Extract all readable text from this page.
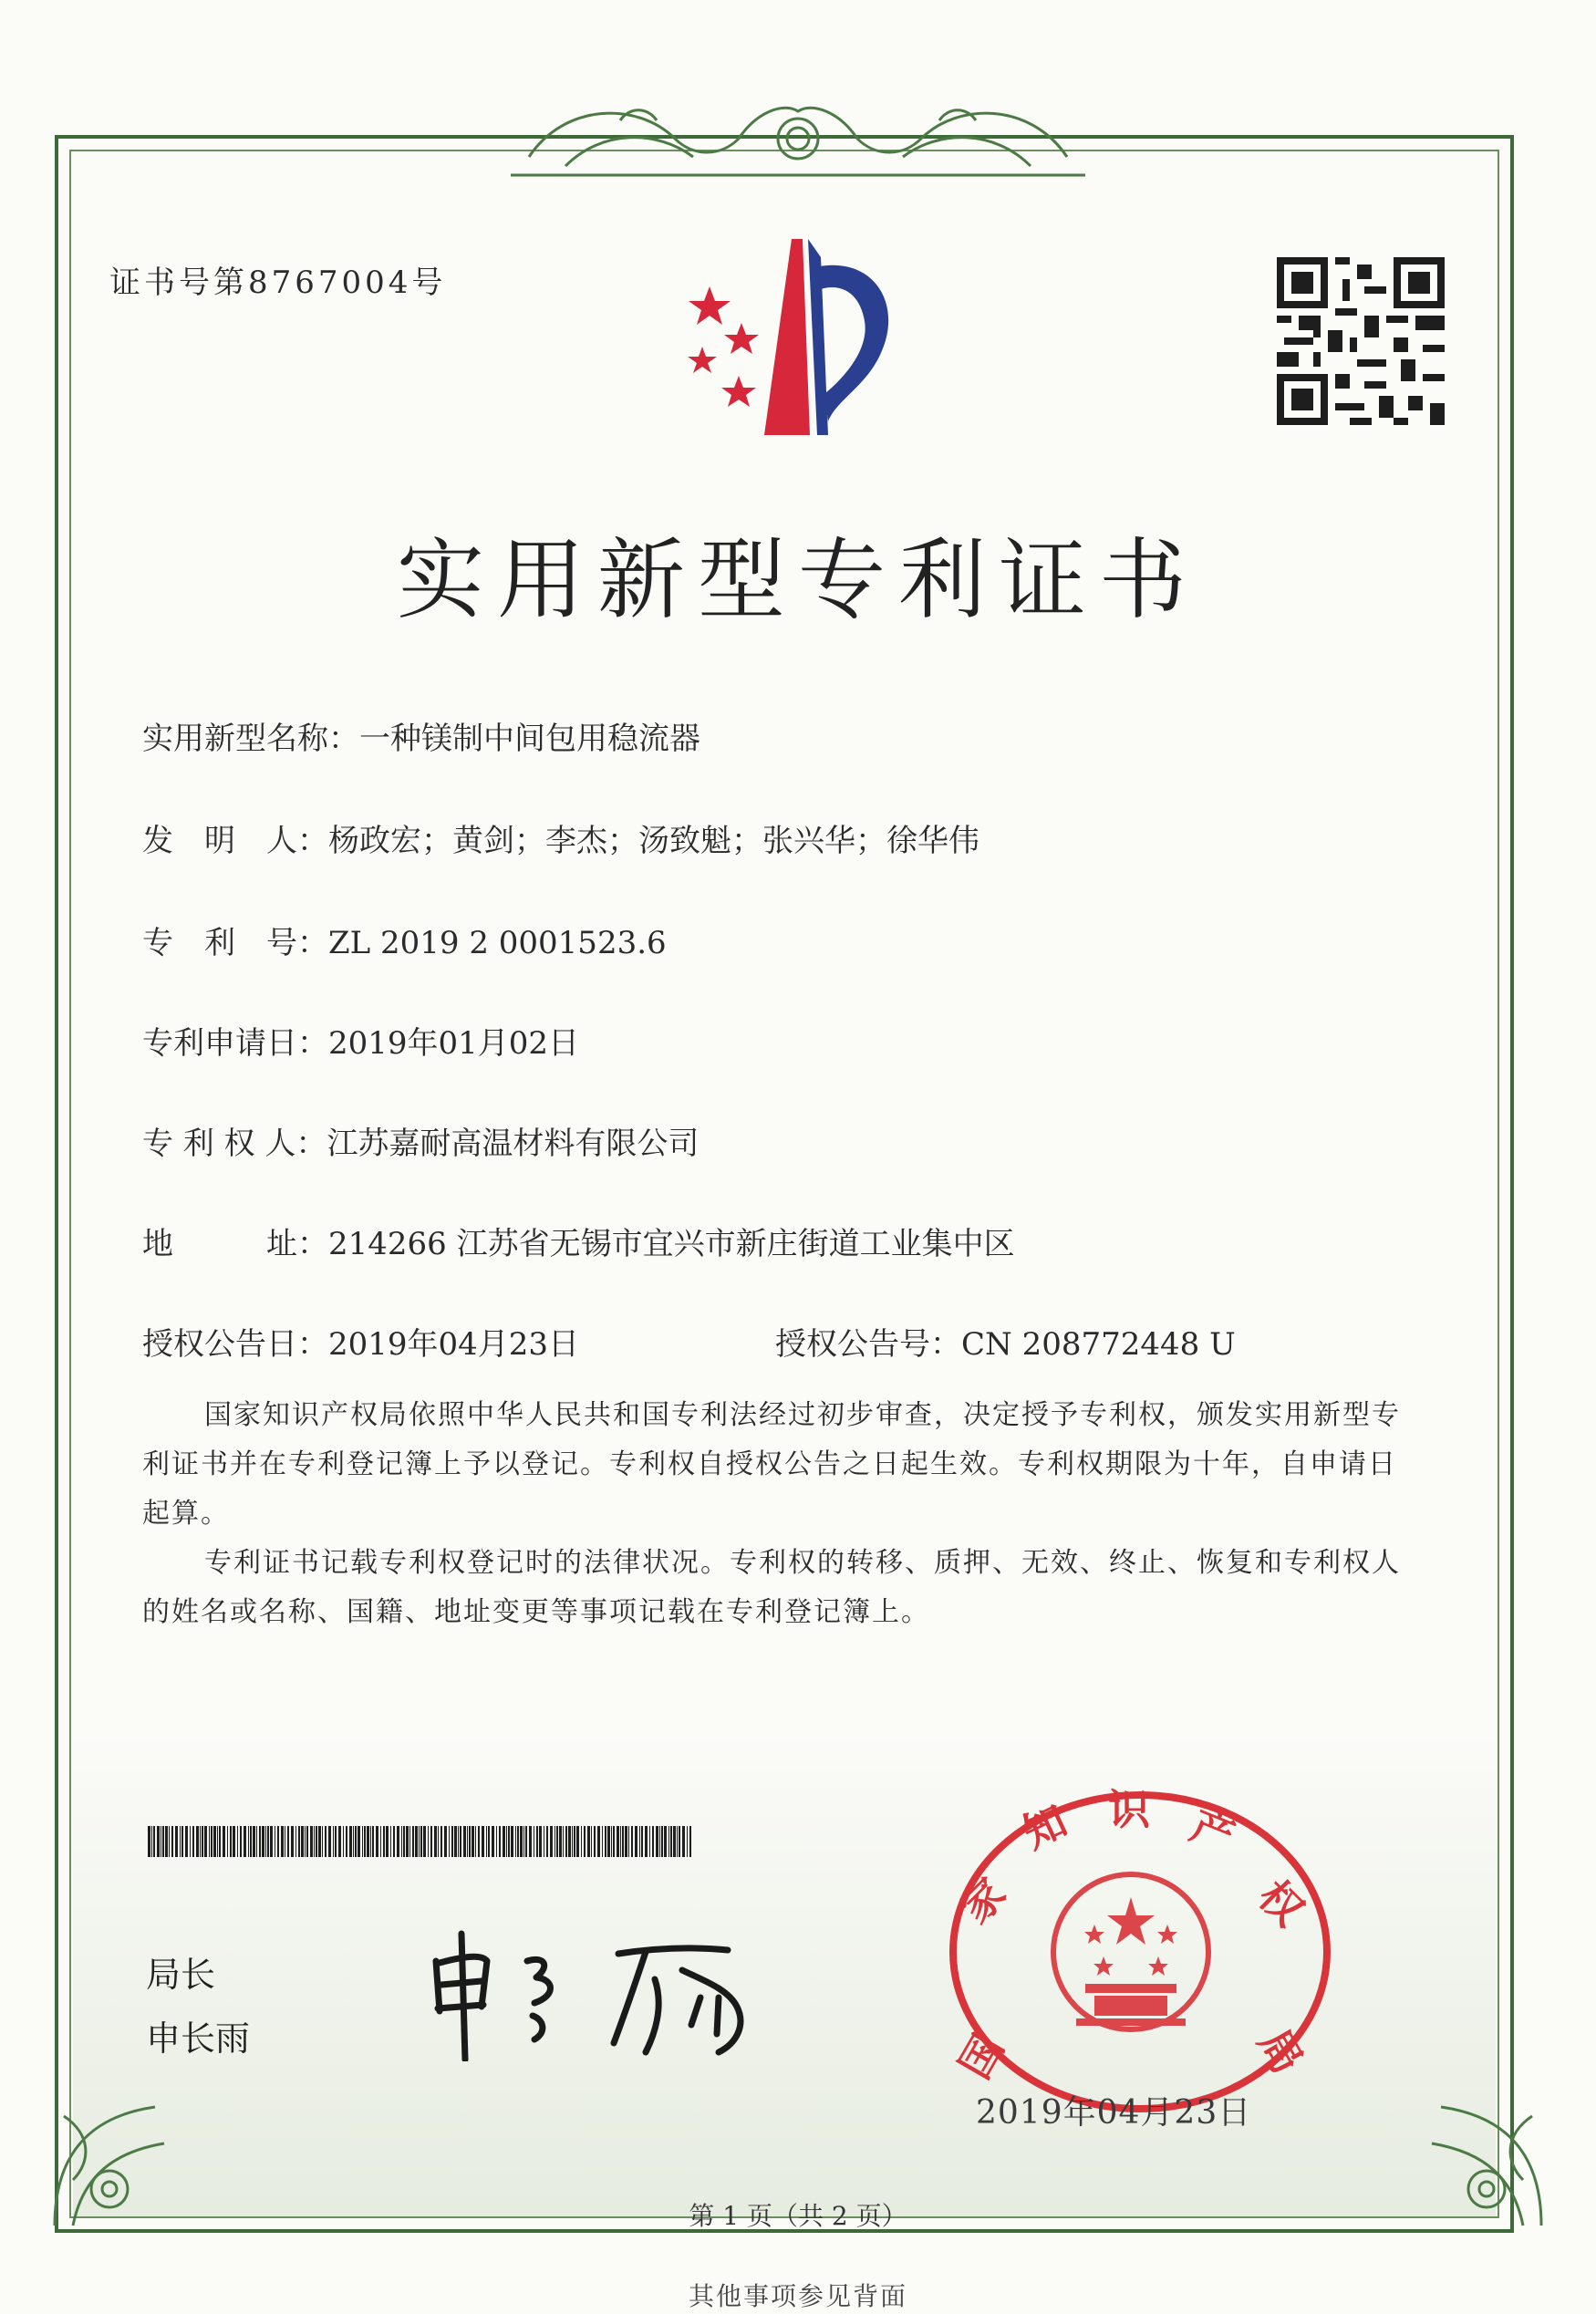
证书号第8767004号
实用新型专利证书
实用新型名称：一种镁制中间包用稳流器
发　明　人：杨政宏；黄剑；李杰；汤致魁；张兴华；徐华伟
专　利　号：ZL 2019 2 0001523.6
专利申请日：2019年01月02日
专 利 权 人：江苏嘉耐高温材料有限公司
地　　　址：214266 江苏省无锡市宜兴市新庄街道工业集中区
授权公告日：2019年04月23日	授权公告号：CN 208772448 U

国家知识产权局依照中华人民共和国专利法经过初步审查，决定授予专利权，颁发实用新型专利证书并在专利登记簿上予以登记。专利权自授权公告之日起生效。专利权期限为十年，自申请日起算。

专利证书记载专利权登记时的法律状况。专利权的转移、质押、无效、终止、恢复和专利权人的姓名或名称、国籍、地址变更等事项记载在专利登记簿上。

局长
申长雨	国
家
知 识 产
权
局
2019年04月23日
第 1 页（共 2 页）
其他事项参见背面
